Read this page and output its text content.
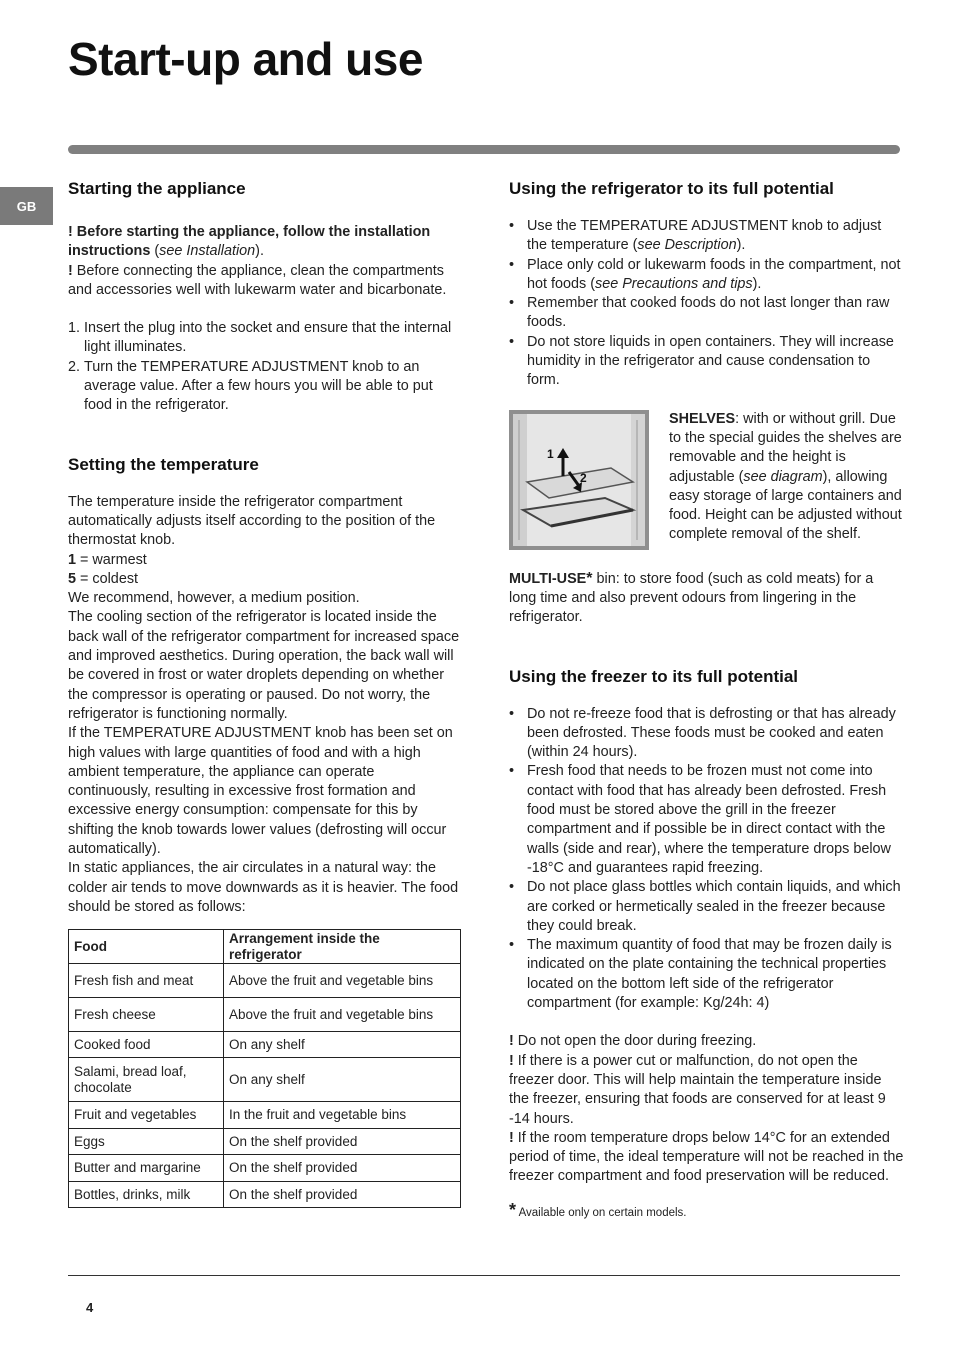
Start-up and use
GB
Starting the appliance

! Before starting the appliance, follow the installation instructions (see Installation).

! Before connecting the appliance, clean the compartments and accessories well with lukewarm water and bicarbonate.

1. Insert the plug into the socket and ensure that the internal light illuminates.
2. Turn the TEMPERATURE ADJUSTMENT knob to an average value. After a few hours you will be able to put food in the refrigerator.
Setting the temperature

The temperature inside the refrigerator compartment automatically adjusts itself according to the position of the thermostat knob.

1 = warmest

5 = coldest

We recommend, however, a medium position.

The cooling section of the refrigerator is located inside the back wall of the refrigerator compartment for increased space and improved aesthetics. During operation, the back wall will be covered in frost or water droplets depending on whether the compressor is operating or paused. Do not worry, the refrigerator is functioning normally.

If the TEMPERATURE ADJUSTMENT knob has been set on high values with large quantities of food and with a high ambient temperature, the appliance can operate continuously, resulting in excessive frost formation and excessive energy consumption: compensate for this by shifting the knob towards lower values (defrosting will occur automatically).

In static appliances, the air circulates in a natural way: the colder air tends to move downwards as it is heavier. The food should be stored as follows:

Food	Arrangement inside the refrigerator
Fresh fish and meat	Above the fruit and vegetable bins
Fresh cheese	Above the fruit and vegetable bins
Cooked food	On any shelf
Salami, bread loaf, chocolate	On any shelf
Fruit and vegetables	In the fruit and vegetable bins
Eggs	On the shelf provided
Butter and margarine	On the shelf provided
Bottles, drinks, milk	On the shelf provided
Using the refrigerator to its full potential
• Use the TEMPERATURE ADJUSTMENT knob to adjust the temperature (see Description).
• Place only cold or lukewarm foods in the compartment, not hot foods (see Precautions and tips).
• Remember that cooked foods do not last longer than raw foods.
• Do not store liquids in open containers. They will increase humidity in the refrigerator and cause condensation to form.
1
2

SHELVES: with or without grill. Due to the special guides the shelves are removable and the height is adjustable (see diagram), allowing easy storage of large containers and food. Height can be adjusted without complete removal of the shelf.

MULTI-USE* bin: to store food (such as cold meats) for a long time and also prevent odours from lingering in the refrigerator.

Using the freezer to its full potential
• Do not re-freeze food that is defrosting or that has already been defrosted. These foods must be cooked and eaten (within 24 hours).
• Fresh food that needs to be frozen must not come into contact with food that has already been defrosted. Fresh food must be stored above the grill in the freezer compartment and if possible be in direct contact with the walls (side and rear), where the temperature drops below -18°C and guarantees rapid freezing.
• Do not place glass bottles which contain liquids, and which are corked or hermetically sealed in the freezer because they could break.
• The maximum quantity of food that may be frozen daily is indicated on the plate containing the technical properties located on the bottom left side of the refrigerator compartment (for example: Kg/24h: 4)

! Do not open the door during freezing.

! If there is a power cut or malfunction, do not open the freezer door. This will help maintain the temperature inside the freezer, ensuring that foods are conserved for at least 9 -14 hours.

! If the room temperature drops below 14°C for an extended period of time, the ideal temperature will not be reached in the freezer compartment and food preservation will be reduced.

* Available only on certain models.

4
